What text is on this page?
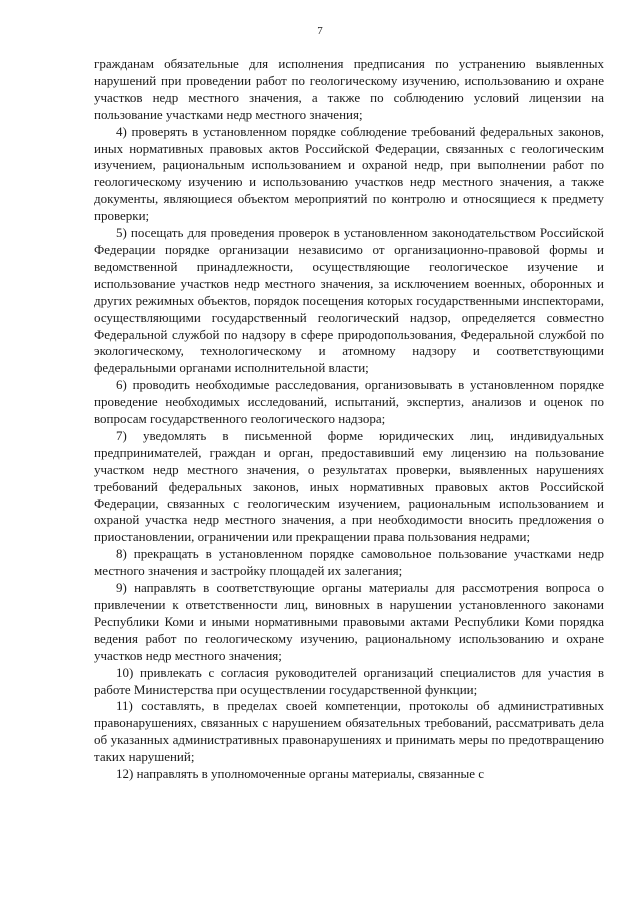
7

гражданам обязательные для исполнения предписания по устранению выявленных нарушений при проведении работ по геологическому изучению, использованию и охране участков недр местного значения, а также по соблюдению условий лицензии на пользование участками недр местного значения;

4) проверять в установленном порядке соблюдение требований федеральных законов, иных нормативных правовых актов Российской Федерации, связанных с геологическим изучением, рациональным использованием и охраной недр, при выполнении работ по геологическому изучению и использованию участков недр местного значения, а также документы, являющиеся объектом мероприятий по контролю и относящиеся к предмету проверки;

5) посещать для проведения проверок в установленном законодательством Российской Федерации порядке организации независимо от организационно-правовой формы и ведомственной принадлежности, осуществляющие геологическое изучение и использование участков недр местного значения, за исключением военных, оборонных и других режимных объектов, порядок посещения которых государственными инспекторами, осуществляющими государственный геологический надзор, определяется совместно Федеральной службой по надзору в сфере природопользования, Федеральной службой по экологическому, технологическому и атомному надзору и соответствующими федеральными органами исполнительной власти;

6) проводить необходимые расследования, организовывать в установленном порядке проведение необходимых исследований, испытаний, экспертиз, анализов и оценок по вопросам государственного геологического надзора;

7) уведомлять в письменной форме юридических лиц, индивидуальных предпринимателей, граждан и орган, предоставивший ему лицензию на пользование участком недр местного значения, о результатах проверки, выявленных нарушениях требований федеральных законов, иных нормативных правовых актов Российской Федерации, связанных с геологическим изучением, рациональным использованием и охраной участка недр местного значения, а при необходимости вносить предложения о приостановлении, ограничении или прекращении права пользования недрами;

8) прекращать в установленном порядке самовольное пользование участками недр местного значения и застройку площадей их залегания;

9) направлять в соответствующие органы материалы для рассмотрения вопроса о привлечении к ответственности лиц, виновных в нарушении установленного законами Республики Коми и иными нормативными правовыми актами Республики Коми порядка ведения работ по геологическому изучению, рациональному использованию и охране участков недр местного значения;

10) привлекать с согласия руководителей организаций специалистов для участия в работе Министерства при осуществлении государственной функции;

11) составлять, в пределах своей компетенции, протоколы об административных правонарушениях, связанных с нарушением обязательных требований, рассматривать дела об указанных административных правонарушениях и принимать меры по предотвращению таких нарушений;

12) направлять в уполномоченные органы материалы, связанные с
